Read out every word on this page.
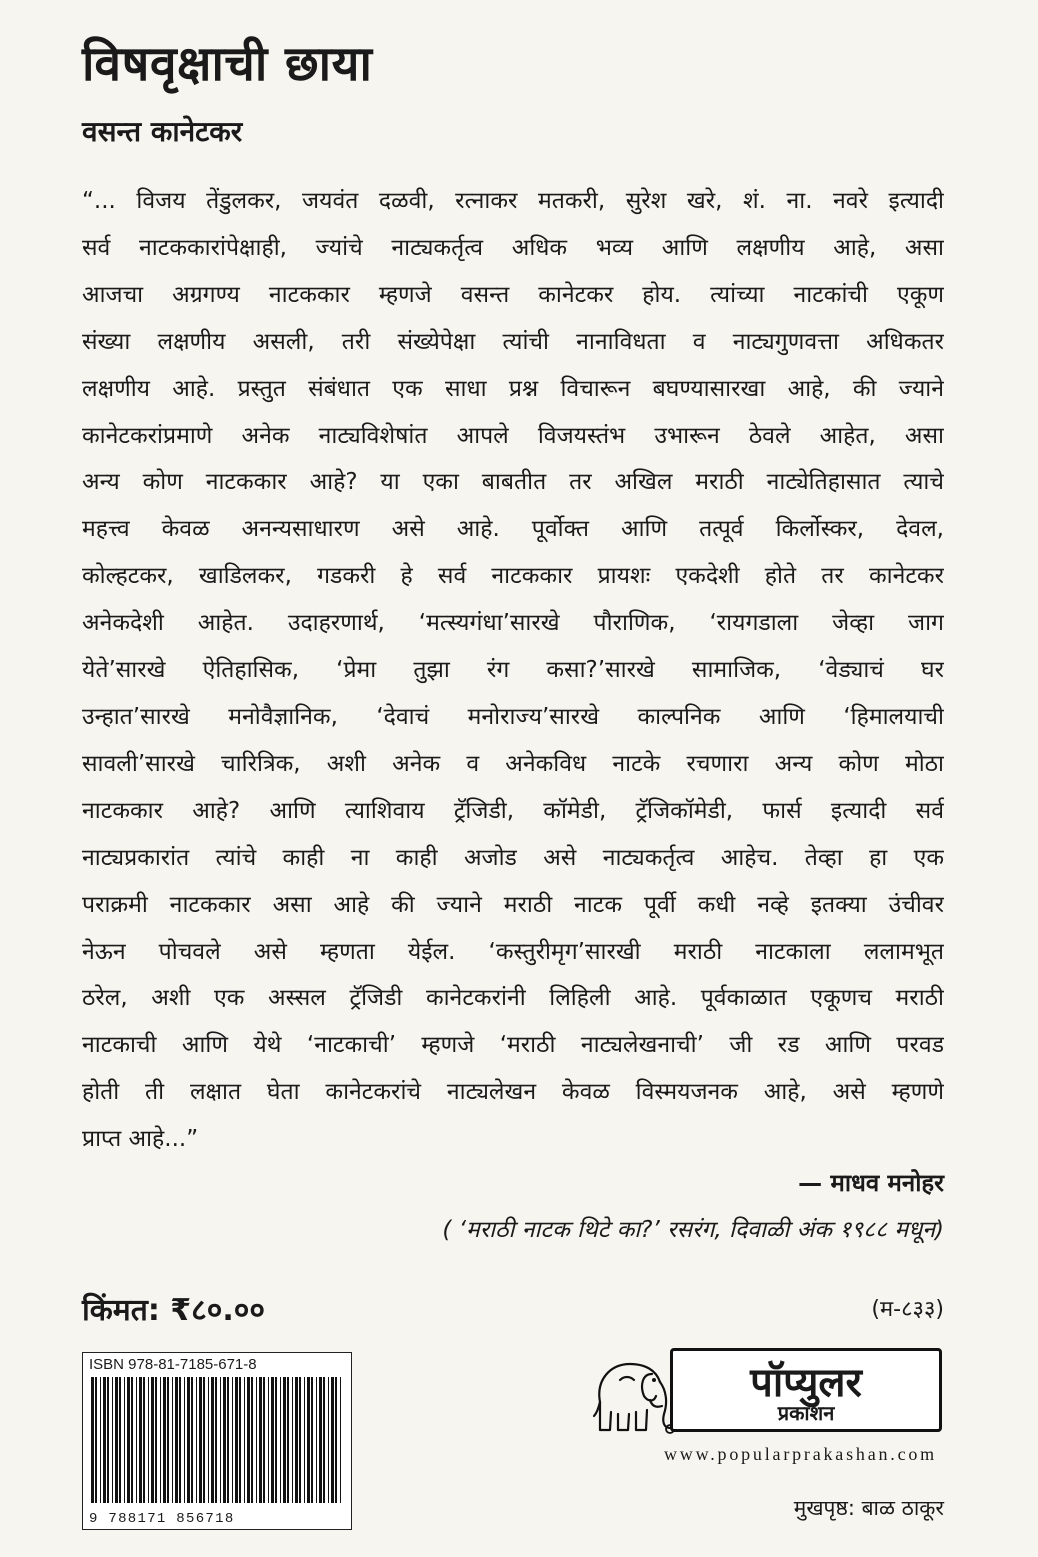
विषवृक्षाची छाया
वसन्त कानेटकर
“... विजय तेंडुलकर, जयवंत दळवी, रत्नाकर मतकरी, सुरेश खरे, शं. ना. नवरे इत्यादी
सर्व नाटककारांपेक्षाही, ज्यांचे नाट्यकर्तृत्व अधिक भव्य आणि लक्षणीय आहे, असा
आजचा अग्रगण्य नाटककार म्हणजे वसन्त कानेटकर होय. त्यांच्या नाटकांची एकूण
संख्या लक्षणीय असली, तरी संख्येपेक्षा त्यांची नानाविधता व नाट्यगुणवत्ता अधिकतर
लक्षणीय आहे. प्रस्तुत संबंधात एक साधा प्रश्न विचारून बघण्यासारखा आहे, की ज्याने
कानेटकरांप्रमाणे अनेक नाट्यविशेषांत आपले विजयस्तंभ उभारून ठेवले आहेत, असा
अन्य कोण नाटककार आहे? या एका बाबतीत तर अखिल मराठी नाट्येतिहासात त्याचे
महत्त्व केवळ अनन्यसाधारण असे आहे. पूर्वोक्त आणि तत्पूर्व किर्लोस्कर, देवल,
कोल्हटकर, खाडिलकर, गडकरी हे सर्व नाटककार प्रायशः एकदेशी होते तर कानेटकर
अनेकदेशी आहेत. उदाहरणार्थ, ‘मत्स्यगंधा’सारखे पौराणिक, ‘रायगडाला जेव्हा जाग
येते’सारखे ऐतिहासिक, ‘प्रेमा तुझा रंग कसा?’सारखे सामाजिक, ‘वेड्याचं घर
उन्हात’सारखे मनोवैज्ञानिक, ‘देवाचं मनोराज्य’सारखे काल्पनिक आणि ‘हिमालयाची
सावली’सारखे चारित्रिक, अशी अनेक व अनेकविध नाटके रचणारा अन्य कोण मोठा
नाटककार आहे? आणि त्याशिवाय ट्रॅजिडी, कॉमेडी, ट्रॅजिकॉमेडी, फार्स इत्यादी सर्व
नाट्यप्रकारांत त्यांचे काही ना काही अजोड असे नाट्यकर्तृत्व आहेच. तेव्हा हा एक
पराक्रमी नाटककार असा आहे की ज्याने मराठी नाटक पूर्वी कधी नव्हे इतक्या उंचीवर
नेऊन पोचवले असे म्हणता येईल. ‘कस्तुरीमृग’सारखी मराठी नाटकाला ललामभूत
ठरेल, अशी एक अस्सल ट्रॅजिडी कानेटकरांनी लिहिली आहे. पूर्वकाळात एकूणच मराठी
नाटकाची आणि येथे ‘नाटकाची’ म्हणजे ‘मराठी नाट्यलेखनाची’ जी रड आणि परवड
होती ती लक्षात घेता कानेटकरांचे नाट्यलेखन केवळ विस्मयजनक आहे, असे म्हणणे
प्राप्त आहे...”
— माधव मनोहर
( ‘मराठी नाटक थिटे का?’ रसरंग, दिवाळी अंक १९८८ मधून)
किंमत: ₹८०.००	(म-८३३)
ISBN 978-81-7185-671-8
9 788171 856718
पॉप्युलर
प्रकाशन
www.popularprakashan.com
मुखपृष्ठ: बाळ ठाकूर
